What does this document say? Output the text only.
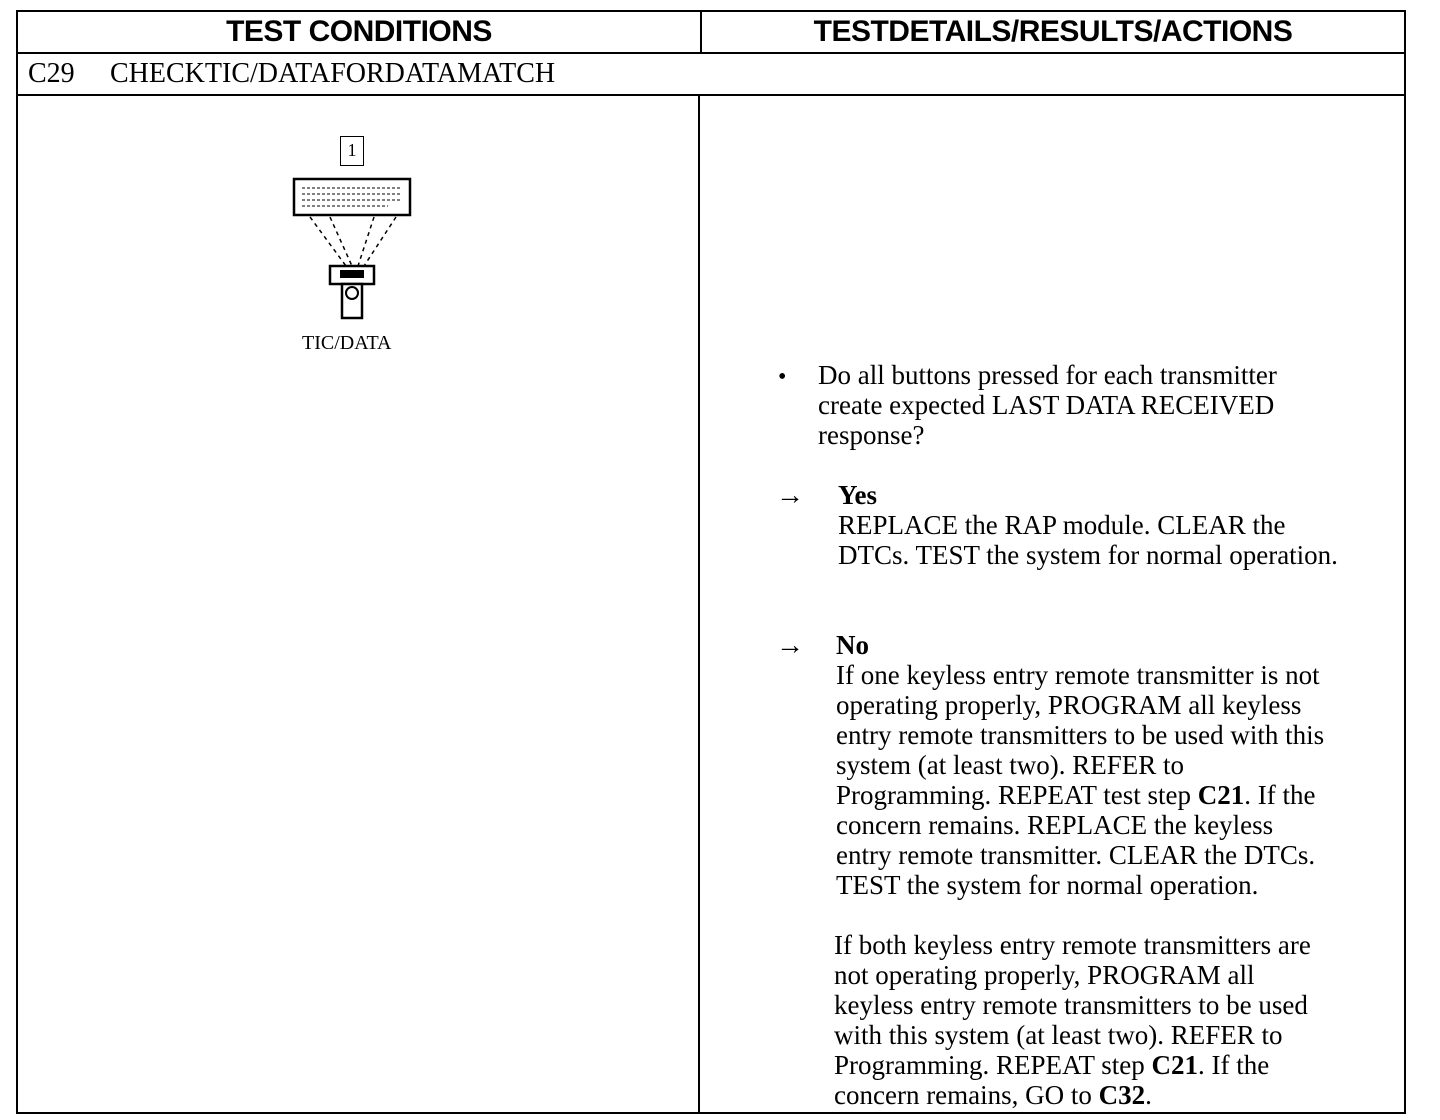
TEST CONDITIONS	TESTDETAILS/RESULTS/ACTIONS
C29 CHECKTIC/DATAFORDATAMATCH
1
TIC/DATA
• Do all buttons pressed for each transmitter
create expected LAST DATA RECEIVED
response?
→ Yes
REPLACE the RAP module. CLEAR the
DTCs. TEST the system for normal operation.
→ No
If one keyless entry remote transmitter is not
operating properly, PROGRAM all keyless
entry remote transmitters to be used with this
system (at least two). REFER to
Programming. REPEAT test step C21. If the
concern remains. REPLACE the keyless
entry remote transmitter. CLEAR the DTCs.
TEST the system for normal operation.
If both keyless entry remote transmitters are
not operating properly, PROGRAM all
keyless entry remote transmitters to be used
with this system (at least two). REFER to
Programming. REPEAT step C21. If the
concern remains, GO to C32.
